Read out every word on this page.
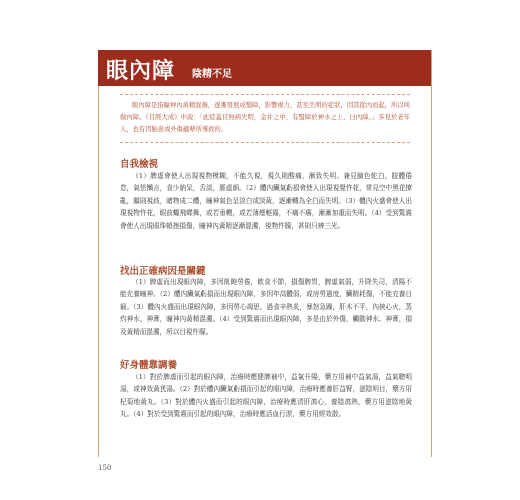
眼內障 陰精不足
眼內障是指瞳神內黃精混濁，逐漸發展成翳障，影響視力，甚至失明的症狀，因其從內而起，所以叫做內障。《目經大成》中說：「此症蓋目無病失明，金井之中，有翳障於神水之上，曰內障。」多見於老年人，也有因胎患或外傷蘊孽所導致的。
自我檢視
（1）脾虛會使人出現視物模糊，不能久視，視久則酸痛，漸致失明。兼見臉色蛇白，肢體倦怠，氣怯懶言，食少納呆，舌淡，脈虛細。（2）體內臟氣虧損會使人出現視覺忤花，常見空中黑花撩亂，繼則視歧，睹物成二體，瞳神氣色呈淡白或淡黃，逐漸轉為全白而失明。（3）體內火盛會使人出現視物忤花，眼前蠅飛蝶舞，或若垂幔，或若薄煙輕霧，不痛不癢，漸漸加重而失明。（4）受到驚震會使人出現眼珠頓挫損傷，瞳神內黃精逐漸混濁，視物忤朦，甚則只辨三光。
找出正確病因是關鍵
（1）脾虛而出現眼內障，多因飢飽勞倦，飲食不節，損傷脾胃，脾虛氣弱，升降失司，清陽不能充養瞳神。（2）體內臟氣虧損而出現眼內障，多因年高體弱，或房勞過度，臟精耗傷，不能充養目竅。（3）體內火盛而出現眼內障，多因勞心竭思，過食辛熱炙，暴怒急躁，肝木不平，內挾心火，蒸灼神水，神膏，瞳神內黃精混濁。（4）受到驚震而出現眼內障，多是由於外傷，觸動神水、神膏，損及黃精而混濁，所以目視忤朦。
好身體靠調養
（1）對於脾虛而引起的眼內障，治療時應健脾補中，益氣升陽，藥方用補中益氣湯，益氣聰明湯，或神效黃芪湯。（2）對於體內臟氣虧損而引起的眼內障，治療時應養肝益腎，滋陰明目，藥方用杞菊地黃丸。（3）對於體內火盛而引起的眼內障，治療時應清肝瀉心，養陰瀉熱，藥方用滋陰地黃丸。（4）對於受到驚震而引起的眼內障，治療時應活血行淤，藥方用經效散。
150
